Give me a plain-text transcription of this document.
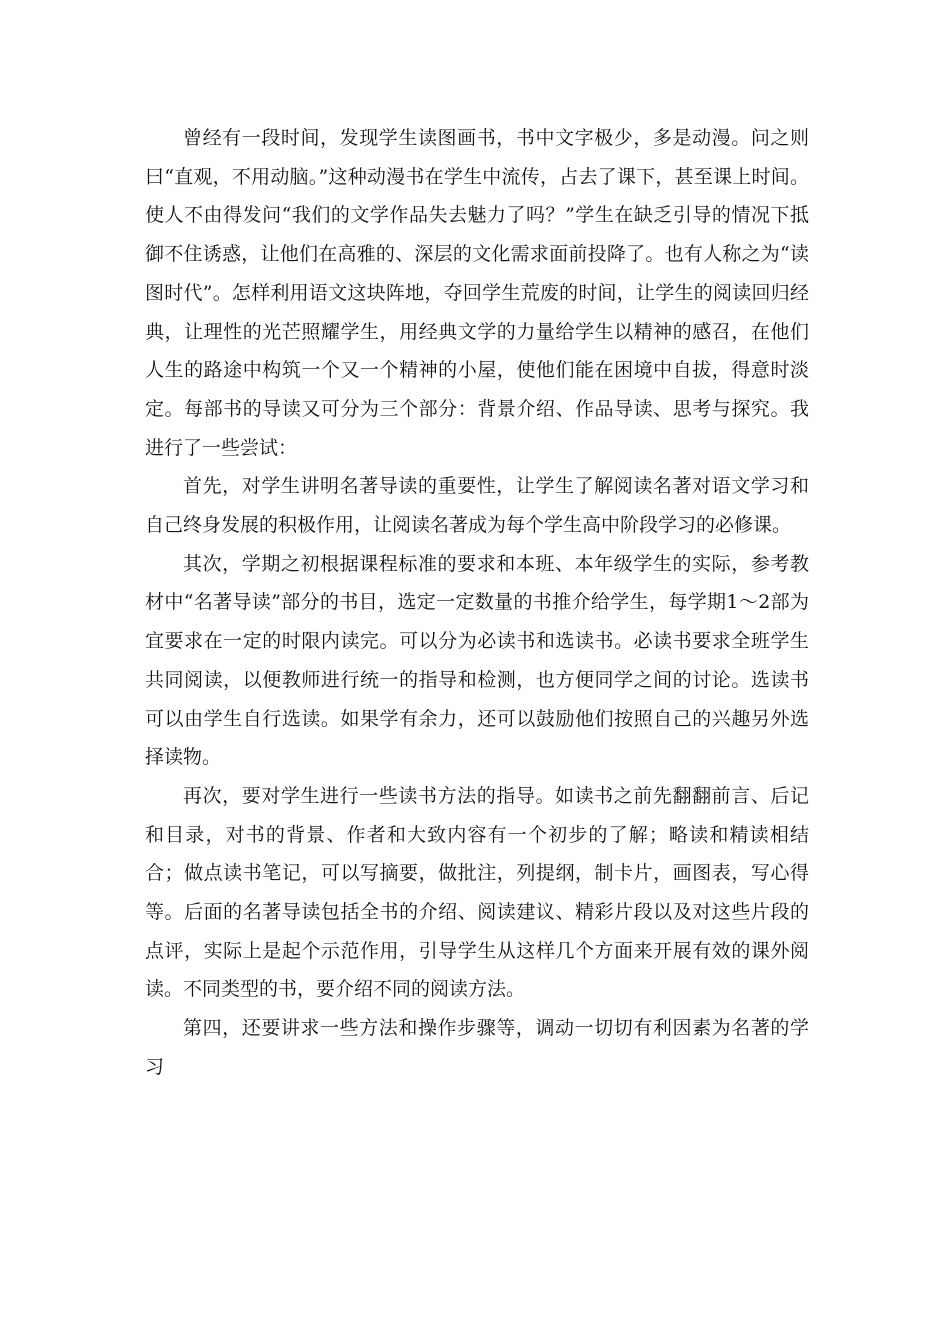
曾经有一段时间，发现学生读图画书，书中文字极少，多是动漫。问之则曰“直观，不用动脑。”这种动漫书在学生中流传，占去了课下，甚至课上时间。使人不由得发问“我们的文学作品失去魅力了吗？”学生在缺乏引导的情况下抵御不住诱惑，让他们在高雅的、深层的文化需求面前投降了。也有人称之为“读图时代”。怎样利用语文这块阵地，夺回学生荒废的时间，让学生的阅读回归经典，让理性的光芒照耀学生，用经典文学的力量给学生以精神的感召，在他们人生的路途中构筑一个又一个精神的小屋，使他们能在困境中自拔，得意时淡定。每部书的导读又可分为三个部分：背景介绍、作品导读、思考与探究。我进行了一些尝试：

首先，对学生讲明名著导读的重要性，让学生了解阅读名著对语文学习和自己终身发展的积极作用，让阅读名著成为每个学生高中阶段学习的必修课。

其次，学期之初根据课程标准的要求和本班、本年级学生的实际，参考教材中“名著导读”部分的书目，选定一定数量的书推介给学生，每学期1～2部为宜要求在一定的时限内读完。可以分为必读书和选读书。必读书要求全班学生共同阅读，以便教师进行统一的指导和检测，也方便同学之间的讨论。选读书可以由学生自行选读。如果学有余力，还可以鼓励他们按照自己的兴趣另外选择读物。

再次，要对学生进行一些读书方法的指导。如读书之前先翻翻前言、后记和目录，对书的背景、作者和大致内容有一个初步的了解；略读和精读相结合；做点读书笔记，可以写摘要，做批注，列提纲，制卡片，画图表，写心得等。后面的名著导读包括全书的介绍、阅读建议、精彩片段以及对这些片段的点评，实际上是起个示范作用，引导学生从这样几个方面来开展有效的课外阅读。不同类型的书，要介绍不同的阅读方法。

第四，还要讲求一些方法和操作步骤等，调动一切切有利因素为名著的学习
